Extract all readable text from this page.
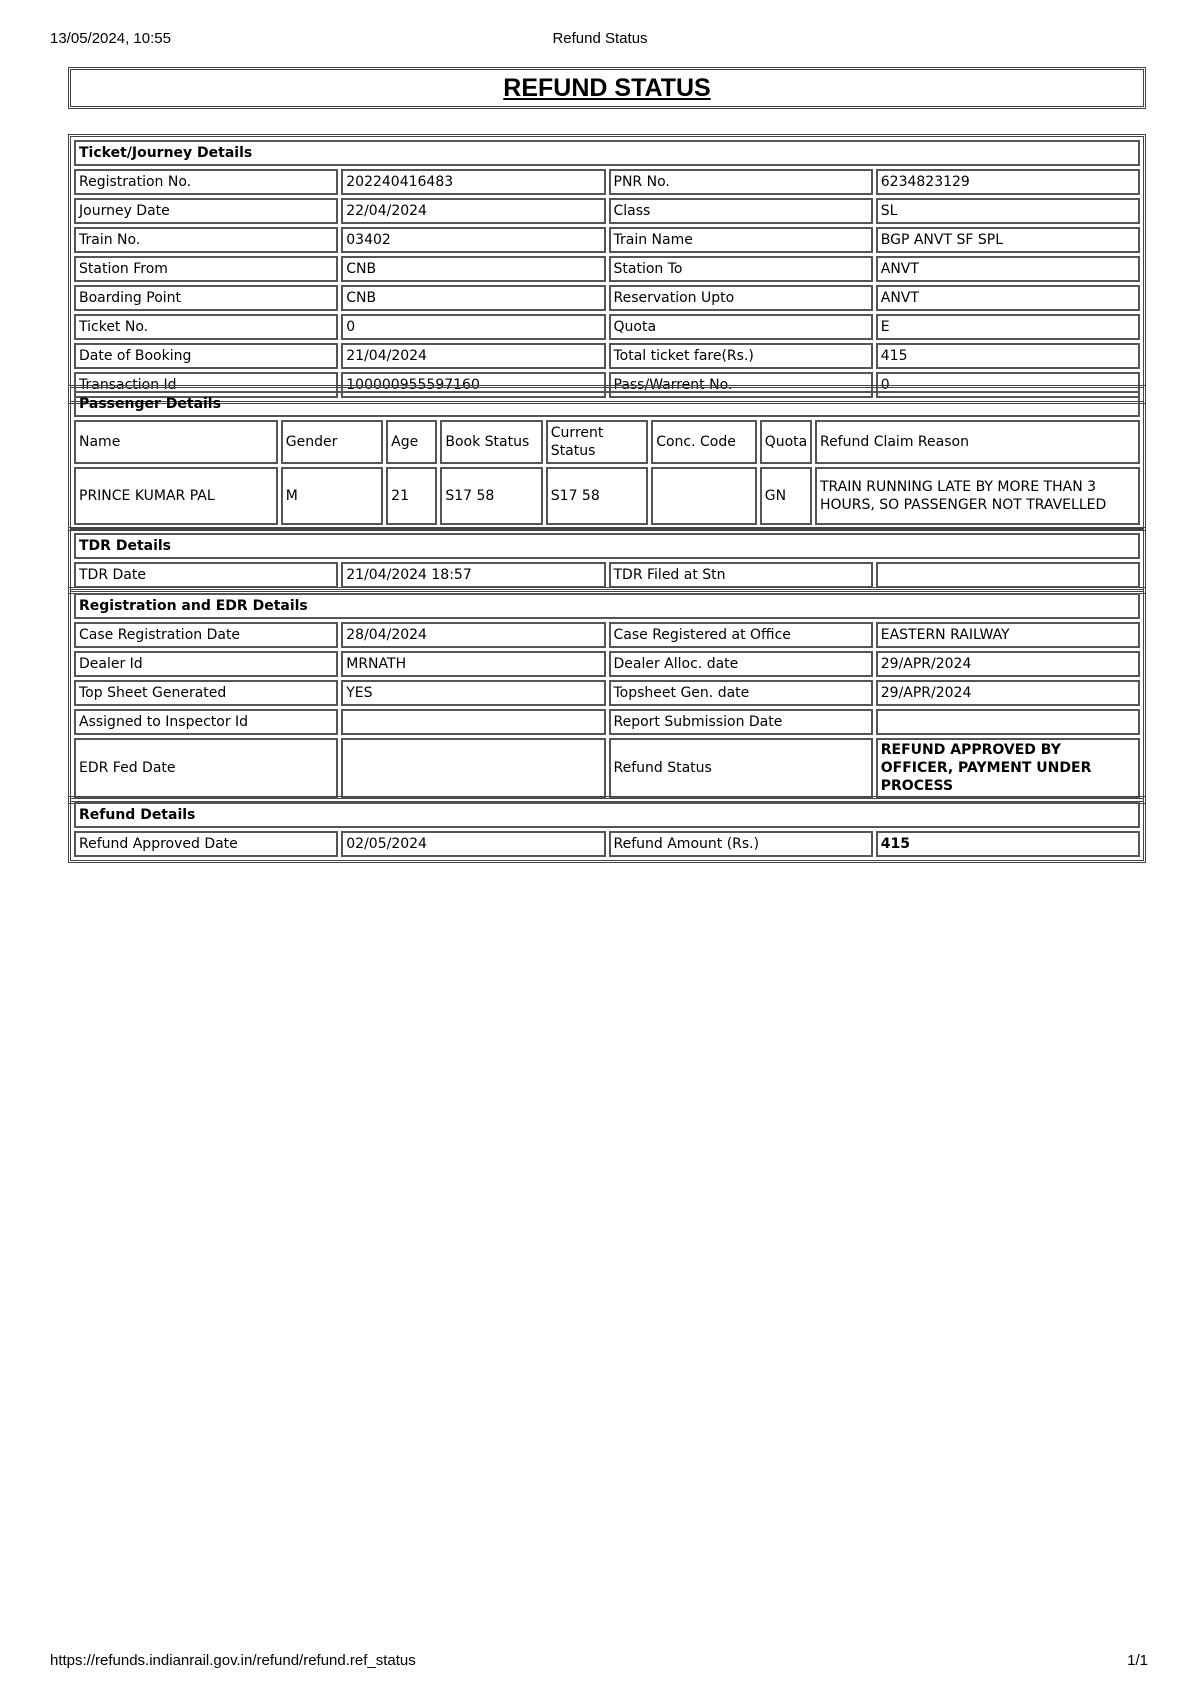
13/05/2024, 10:55	Refund Status
https://refunds.indianrail.gov.in/refund/refund.ref_status	1/1
REFUND STATUS
Ticket/Journey Details			
Registration No.	202240416483	PNR No.	6234823129
Journey Date	22/04/2024	Class	SL
Train No.	03402	Train Name	BGP ANVT SF SPL
Station From	CNB	Station To	ANVT
Boarding Point	CNB	Reservation Upto	ANVT
Ticket No.	0	Quota	E
Date of Booking	21/04/2024	Total ticket fare(Rs.)	415
Transaction Id	100000955597160	Pass/Warrent No.	0
Passenger Details							
Name	Gender	Age	Book Status	Current Status	Conc. Code	Quota	Refund Claim Reason
PRINCE KUMAR PAL	M	21	S17 58	S17 58		GN	TRAIN RUNNING LATE BY MORE THAN 3 HOURS, SO PASSENGER NOT TRAVELLED
TDR Details
TDR Date	21/04/2024 18:57	TDR Filed at Stn	
Registration and EDR Details			
Case Registration Date	28/04/2024	Case Registered at Office	EASTERN RAILWAY
Dealer Id	MRNATH	Dealer Alloc. date	29/APR/2024
Top Sheet Generated	YES	Topsheet Gen. date	29/APR/2024
Assigned to Inspector Id		Report Submission Date	
EDR Fed Date		Refund Status	REFUND APPROVED BY OFFICER, PAYMENT UNDER PROCESS
Refund Details
Refund Approved Date	02/05/2024	Refund Amount (Rs.)	415
